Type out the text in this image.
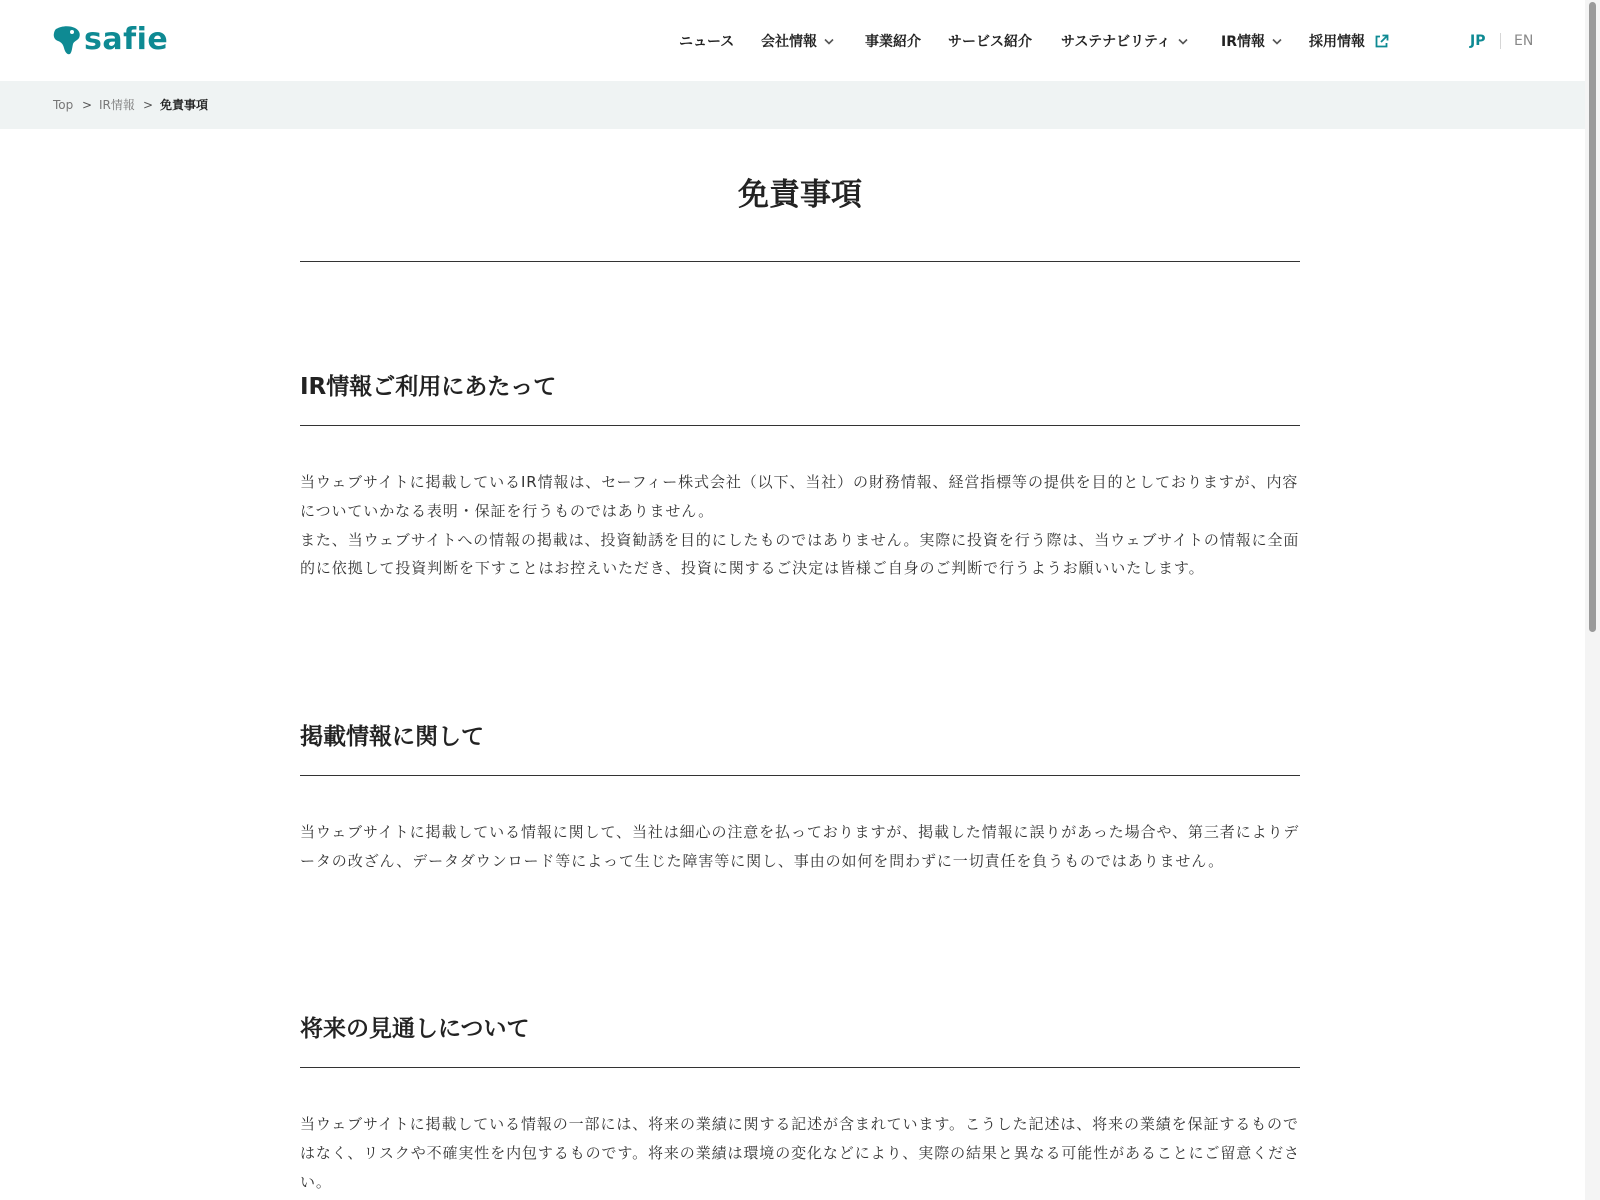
safie	ニュース 会社情報	事業紹介 サービス紹介 サステナビリティ	IR情報	採用情報	JP EN
Top > IR情報 > 免責事項
免責事項
IR情報ご利用にあたって

当ウェブサイトに掲載しているIR情報は、セーフィー株式会社（以下、当社）の財務情報、経営指標等の提供を目的としておりますが、内容についていかなる表明・保証を行うものではありません。

また、当ウェブサイトへの情報の掲載は、投資勧誘を目的にしたものではありません。実際に投資を行う際は、当ウェブサイトの情報に全面的に依拠して投資判断を下すことはお控えいただき、投資に関するご決定は皆様ご自身のご判断で行うようお願いいたします。

掲載情報に関して

当ウェブサイトに掲載している情報に関して、当社は細心の注意を払っておりますが、掲載した情報に誤りがあった場合や、第三者によりデータの改ざん、データダウンロード等によって生じた障害等に関し、事由の如何を問わずに一切責任を負うものではありません。

将来の見通しについて

当ウェブサイトに掲載している情報の一部には、将来の業績に関する記述が含まれています。こうした記述は、将来の業績を保証するものではなく、リスクや不確実性を内包するものです。将来の業績は環境の変化などにより、実際の結果と異なる可能性があることにご留意ください。
